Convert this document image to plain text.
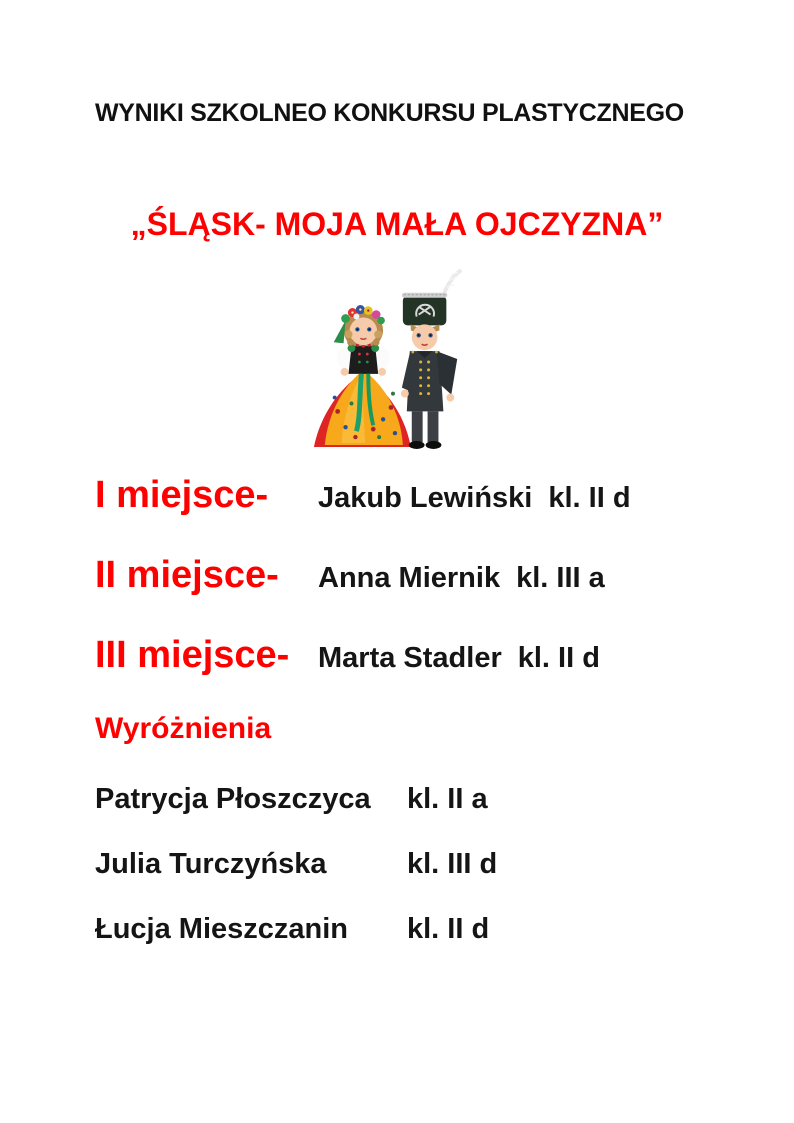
WYNIKI SZKOLNEO KONKURSU PLASTYCZNEGO
„ŚLĄSK- MOJA MAŁA OJCZYZNA”
I miejsce-	Jakub Lewiński kl. II d
II miejsce-	Anna Miernik kl. III a
III miejsce- Marta Stadler kl. II d
Wyróżnienia
Patrycja Płoszczyca	kl. II a
Julia Turczyńska	kl. III d
Łucja Mieszczanin	kl. II d
